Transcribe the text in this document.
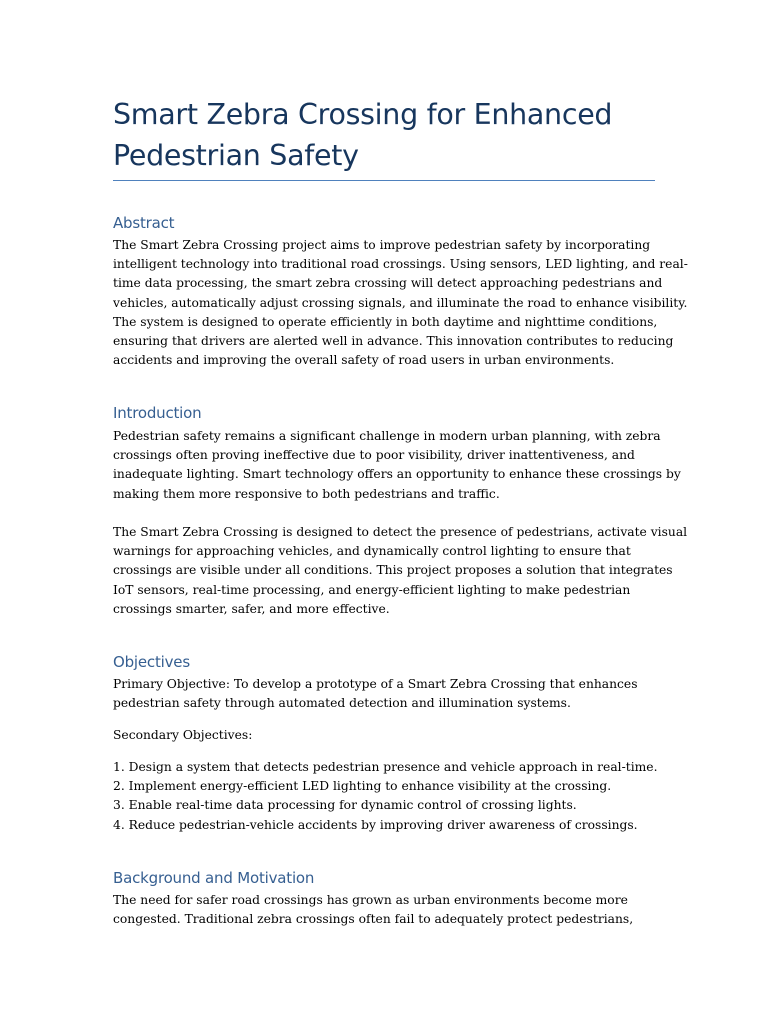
Smart Zebra Crossing for Enhanced
Pedestrian Safety
Abstract

The Smart Zebra Crossing project aims to improve pedestrian safety by incorporating
intelligent technology into traditional road crossings. Using sensors, LED lighting, and real-
time data processing, the smart zebra crossing will detect approaching pedestrians and
vehicles, automatically adjust crossing signals, and illuminate the road to enhance visibility.
The system is designed to operate efficiently in both daytime and nighttime conditions,
ensuring that drivers are alerted well in advance. This innovation contributes to reducing
accidents and improving the overall safety of road users in urban environments.

Introduction

Pedestrian safety remains a significant challenge in modern urban planning, with zebra
crossings often proving ineffective due to poor visibility, driver inattentiveness, and
inadequate lighting. Smart technology offers an opportunity to enhance these crossings by
making them more responsive to both pedestrians and traffic.

The Smart Zebra Crossing is designed to detect the presence of pedestrians, activate visual
warnings for approaching vehicles, and dynamically control lighting to ensure that
crossings are visible under all conditions. This project proposes a solution that integrates
IoT sensors, real-time processing, and energy-efficient lighting to make pedestrian
crossings smarter, safer, and more effective.

Objectives

Primary Objective: To develop a prototype of a Smart Zebra Crossing that enhances
pedestrian safety through automated detection and illumination systems.

Secondary Objectives:

1. Design a system that detects pedestrian presence and vehicle approach in real-time.
2. Implement energy-efficient LED lighting to enhance visibility at the crossing.
3. Enable real-time data processing for dynamic control of crossing lights.
4. Reduce pedestrian-vehicle accidents by improving driver awareness of crossings.

Background and Motivation

The need for safer road crossings has grown as urban environments become more
congested. Traditional zebra crossings often fail to adequately protect pedestrians,
